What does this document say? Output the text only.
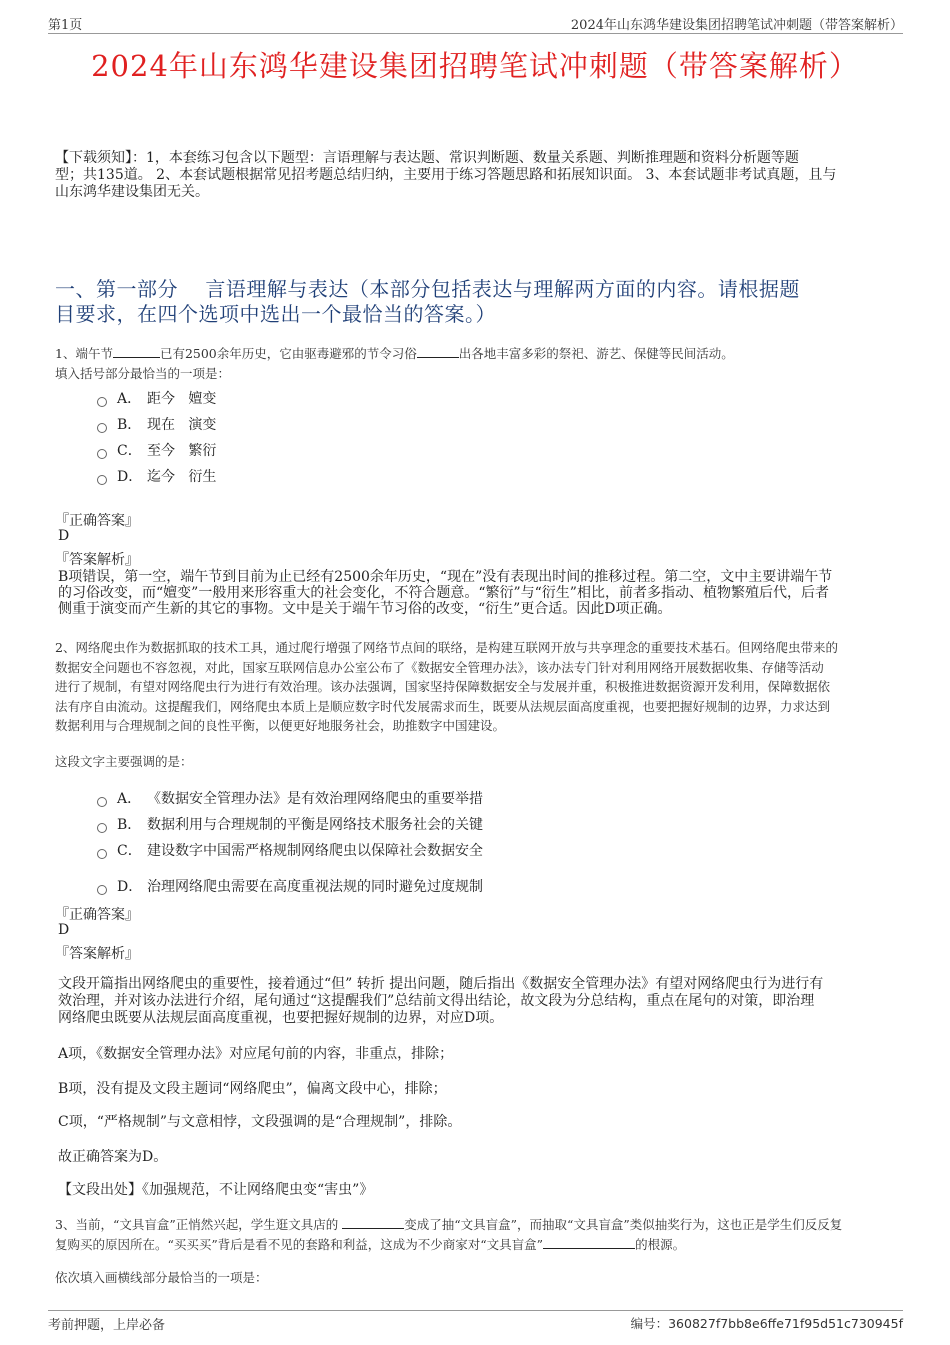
第1页	2024年山东鸿华建设集团招聘笔试冲刺题（带答案解析）
2024年山东鸿华建设集团招聘笔试冲刺题（带答案解析）
【下载须知】：1，本套练习包含以下题型：言语理解与表达题、常识判断题、数量关系题、判断推理题和资料分析题等题
型；共135道。 2、本套试题根据常见招考题总结归纳，主要用于练习答题思路和拓展知识面。 3、本套试题非考试真题，且与
山东鸿华建设集团无关。
一、第一部分    言语理解与表达（本部分包括表达与理解两方面的内容。请根据题
目要求，在四个选项中选出一个最恰当的答案。）
1、端午节	已有2500余年历史，它由驱毒避邪的节令习俗	出各地丰富多彩的祭祀、游艺、保健等民间活动。
填入括号部分最恰当的一项是：
A． 距今   嬗变
B． 现在   演变
C． 至今   繁衍
D． 迄今   衍生
『正确答案』
D
『答案解析』
B项错误，第一空，端午节到目前为止已经有2500余年历史，“现在”没有表现出时间的推移过程。第二空，文中主要讲端午节
的习俗改变，而“嬗变”一般用来形容重大的社会变化，不符合题意。“繁衍”与“衍生”相比，前者多指动、植物繁殖后代，后者
侧重于演变而产生新的其它的事物。文中是关于端午节习俗的改变，“衍生”更合适。因此D项正确。
2、网络爬虫作为数据抓取的技术工具，通过爬行增强了网络节点间的联络，是构建互联网开放与共享理念的重要技术基石。但网络爬虫带来的
数据安全问题也不容忽视，对此，国家互联网信息办公室公布了《数据安全管理办法》，该办法专门针对利用网络开展数据收集、存储等活动
进行了规制，有望对网络爬虫行为进行有效治理。该办法强调，国家坚持保障数据安全与发展并重，积极推进数据资源开发利用，保障数据依
法有序自由流动。这提醒我们，网络爬虫本质上是顺应数字时代发展需求而生，既要从法规层面高度重视，也要把握好规制的边界，力求达到
数据利用与合理规制之间的良性平衡，以便更好地服务社会，助推数字中国建设。
这段文字主要强调的是：
A． 《数据安全管理办法》是有效治理网络爬虫的重要举措
B． 数据利用与合理规制的平衡是网络技术服务社会的关键
C． 建设数字中国需严格规制网络爬虫以保障社会数据安全
D． 治理网络爬虫需要在高度重视法规的同时避免过度规制
『正确答案』
D
『答案解析』
文段开篇指出网络爬虫的重要性，接着通过“但” 转折 提出问题，随后指出《数据安全管理办法》有望对网络爬虫行为进行有
效治理，并对该办法进行介绍，尾句通过“这提醒我们”总结前文得出结论，故文段为分总结构，重点在尾句的对策，即治理
网络爬虫既要从法规层面高度重视，也要把握好规制的边界，对应D项。
A项，《数据安全管理办法》对应尾句前的内容，非重点，排除；
B项，没有提及文段主题词“网络爬虫”，偏离文段中心，排除；
C项，“严格规制”与文意相悖，文段强调的是“合理规制”，排除。
故正确答案为D。
【文段出处】《加强规范，不让网络爬虫变“害虫”》
3、当前，“文具盲盒”正悄然兴起，学生逛文具店的	变成了抽“文具盲盒”，而抽取“文具盲盒”类似抽奖行为，这也正是学生们反反复
复购买的原因所在。“买买买”背后是看不见的套路和利益，这成为不少商家对“文具盲盒”	的根源。
依次填入画横线部分最恰当的一项是：
考前押题，上岸必备	编号：360827f7bb8e6ffe71f95d51c730945f
